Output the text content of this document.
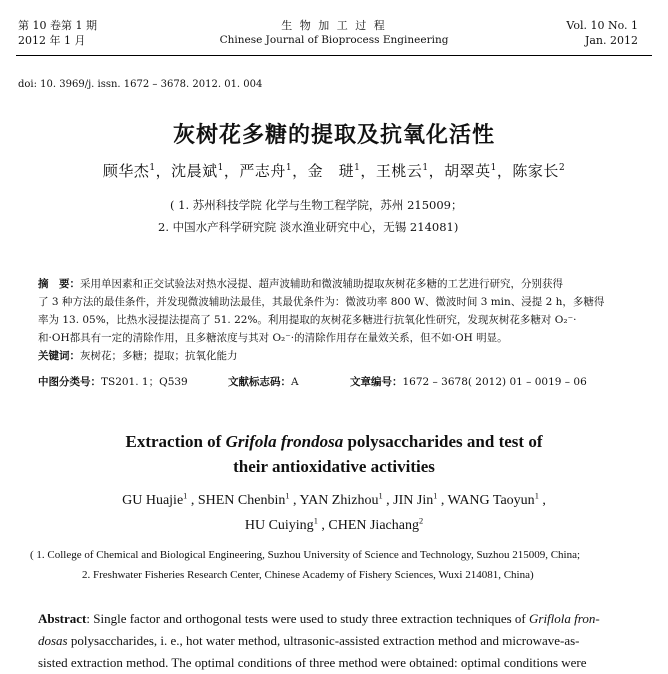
第 10 卷第 1 期
2012 年 1 月
生 物 加 工 过 程
Chinese Journal of Bioprocess Engineering
Vol. 10 No. 1
Jan. 2012
doi: 10. 3969/j. issn. 1672 – 3678. 2012. 01. 004
灰树花多糖的提取及抗氧化活性
顾华杰$^1$，沈晨斌$^1$，严志舟$^1$，金　琎$^1$，王桃云$^1$，胡翠英$^1$，陈家长$^2$
( 1. 苏州科技学院 化学与生物工程学院，苏州 215009；
2. 中国水产科学研究院 淡水渔业研究中心，无锡 214081)
摘　要：采用单因素和正交试验法对热水浸提、超声波辅助和微波辅助提取灰树花多糖的工艺进行研究，分别获得
了 3 种方法的最佳条件，并发现微波辅助法最佳，其最优条件为：微波功率 800 W、微波时间 3 min、浸提 2 h，多糖得
率为 13. 05%，比热水浸提法提高了 51. 22%。利用提取的灰树花多糖进行抗氧化性研究，发现灰树花多糖对 O₂⁻·
和·OH都具有一定的清除作用，且多糖浓度与其对 O₂⁻·的清除作用存在量效关系，但不如·OH 明显。
关键词：灰树花；多糖；提取；抗氧化能力
中图分类号：TS201. 1；Q539	文献标志码：A	文章编号：1672 – 3678( 2012) 01 – 0019 – 06
Extraction of Grifola frondosa polysaccharides and test of
their antioxidative activities
GU Huajie$^1$ , SHEN Chenbin$^1$ , YAN Zhizhou$^1$ , JIN Jin$^1$ , WANG Taoyun$^1$ ,
HU Cuiying$^1$ , CHEN Jiachang$^2$
( 1. College of Chemical and Biological Engineering, Suzhou University of Science and Technology, Suzhou 215009, China;
2. Freshwater Fisheries Research Center, Chinese Academy of Fishery Sciences, Wuxi 214081, China)
Abstract: Single factor and orthogonal tests were used to study three extraction techniques of Griflola fron-
dosas polysaccharides, i. e., hot water method, ultrasonic-assisted extraction method and microwave-as-
sisted extraction method. The optimal conditions of three method were obtained: optimal conditions were
